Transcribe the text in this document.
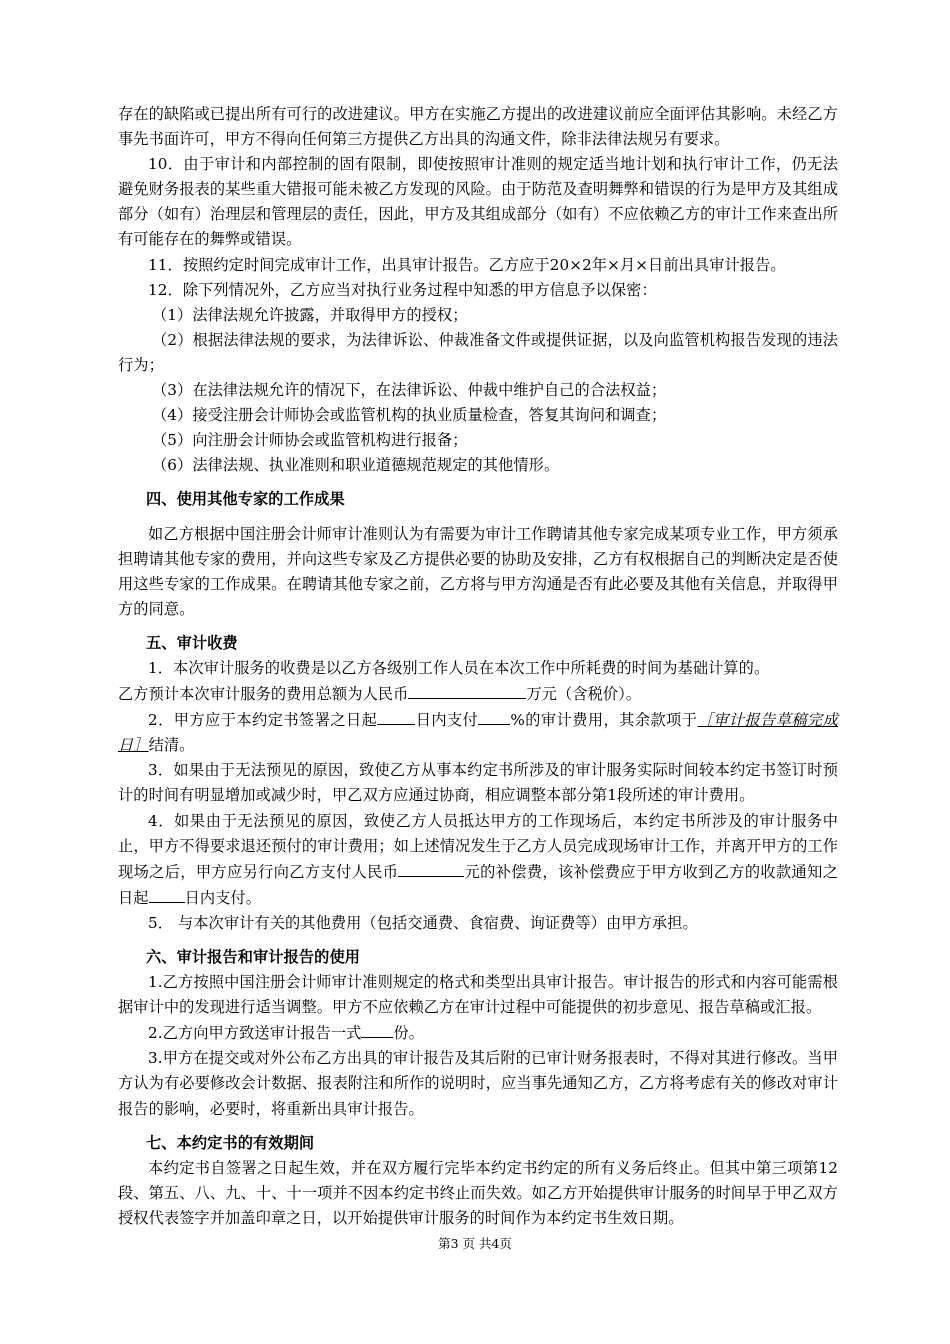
存在的缺陷或已提出所有可行的改进建议。甲方在实施乙方提出的改进建议前应全面评估其影响。未经乙方事先书面许可，甲方不得向任何第三方提供乙方出具的沟通文件，除非法律法规另有要求。

10．由于审计和内部控制的固有限制，即使按照审计准则的规定适当地计划和执行审计工作，仍无法避免财务报表的某些重大错报可能未被乙方发现的风险。由于防范及查明舞弊和错误的行为是甲方及其组成部分（如有）治理层和管理层的责任，因此，甲方及其组成部分（如有）不应依赖乙方的审计工作来查出所有可能存在的舞弊或错误。

11．按照约定时间完成审计工作，出具审计报告。乙方应于20×2年×月×日前出具审计报告。

12．除下列情况外，乙方应当对执行业务过程中知悉的甲方信息予以保密：

（1）法律法规允许披露，并取得甲方的授权；

（2）根据法律法规的要求，为法律诉讼、仲裁准备文件或提供证据，以及向监管机构报告发现的违法行为；

（3）在法律法规允许的情况下，在法律诉讼、仲裁中维护自己的合法权益；

（4）接受注册会计师协会或监管机构的执业质量检查，答复其询问和调查；

（5）向注册会计师协会或监管机构进行报备；

（6）法律法规、执业准则和职业道德规范规定的其他情形。

四、使用其他专家的工作成果

如乙方根据中国注册会计师审计准则认为有需要为审计工作聘请其他专家完成某项专业工作，甲方须承担聘请其他专家的费用，并向这些专家及乙方提供必要的协助及安排，乙方有权根据自己的判断决定是否使用这些专家的工作成果。在聘请其他专家之前，乙方将与甲方沟通是否有此必要及其他有关信息，并取得甲方的同意。

五、审计收费

1．本次审计服务的收费是以乙方各级别工作人员在本次工作中所耗费的时间为基础计算的。

乙方预计本次审计服务的费用总额为人民币	万元（含税价）。

2．甲方应于本约定书签署之日起	日内支付 %的审计费用，其余款项于［审计报告草稿完成日］结清。

3．如果由于无法预见的原因，致使乙方从事本约定书所涉及的审计服务实际时间较本约定书签订时预计的时间有明显增加或减少时，甲乙双方应通过协商，相应调整本部分第1段所述的审计费用。

4．如果由于无法预见的原因，致使乙方人员抵达甲方的工作现场后，本约定书所涉及的审计服务中止，甲方不得要求退还预付的审计费用；如上述情况发生于乙方人员完成现场审计工作，并离开甲方的工作现场之后，甲方应另行向乙方支付人民币	元的补偿费，该补偿费应于甲方收到乙方的收款通知之日起 日内支付。

5． 与本次审计有关的其他费用（包括交通费、食宿费、询证费等）由甲方承担。

六、审计报告和审计报告的使用

1.乙方按照中国注册会计师审计准则规定的格式和类型出具审计报告。审计报告的形式和内容可能需根据审计中的发现进行适当调整。甲方不应依赖乙方在审计过程中可能提供的初步意见、报告草稿或汇报。

2.乙方向甲方致送审计报告一式 份。

3.甲方在提交或对外公布乙方出具的审计报告及其后附的已审计财务报表时，不得对其进行修改。当甲方认为有必要修改会计数据、报表附注和所作的说明时，应当事先通知乙方，乙方将考虑有关的修改对审计报告的影响，必要时，将重新出具审计报告。

七、本约定书的有效期间

本约定书自签署之日起生效，并在双方履行完毕本约定书约定的所有义务后终止。但其中第三项第12段、第五、八、九、十、十一项并不因本约定书终止而失效。如乙方开始提供审计服务的时间早于甲乙双方授权代表签字并加盖印章之日，以开始提供审计服务的时间作为本约定书生效日期。

第3 页 共4页
